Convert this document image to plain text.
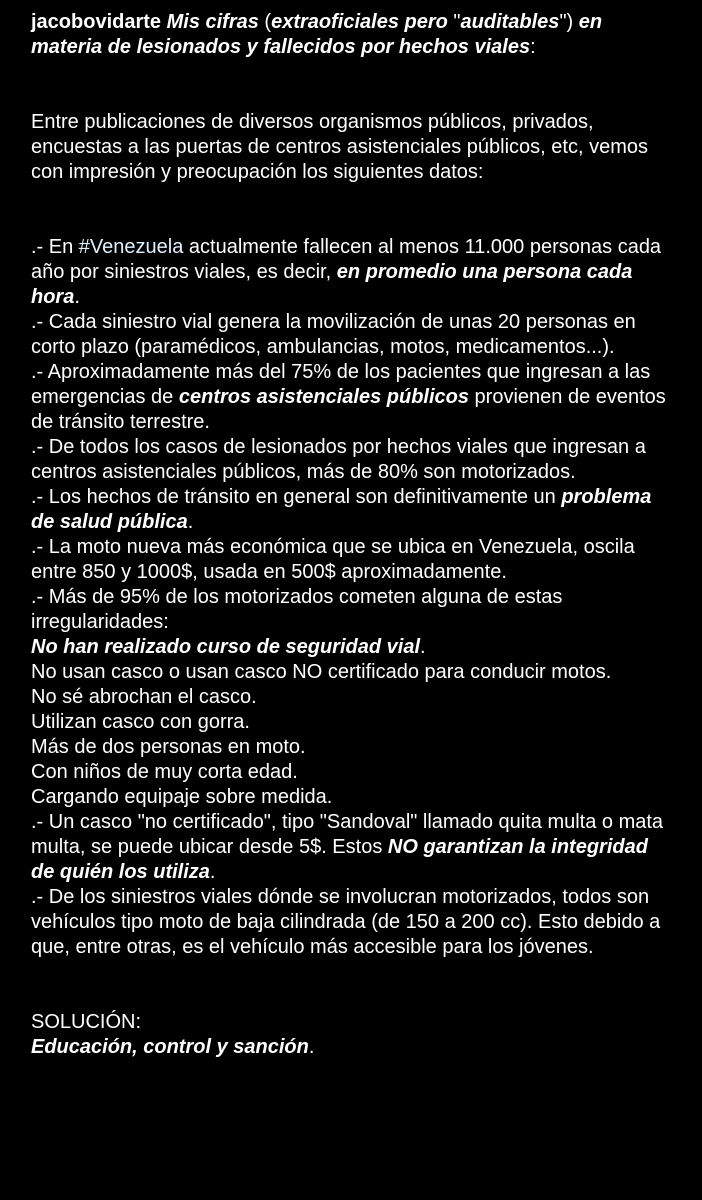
jacobovidarte Mis cifras (extraoficiales pero "auditables") en materia de lesionados y fallecidos por hechos viales:

Entre publicaciones de diversos organismos públicos, privados, encuestas a las puertas de centros asistenciales públicos, etc, vemos con impresión y preocupación los siguientes datos:

.- En #Venezuela actualmente fallecen al menos 11.000 personas cada año por siniestros viales, es decir, en promedio una persona cada hora.

.- Cada siniestro vial genera la movilización de unas 20 personas en corto plazo (paramédicos, ambulancias, motos, medicamentos...).

.- Aproximadamente más del 75% de los pacientes que ingresan a las emergencias de centros asistenciales públicos provienen de eventos de tránsito terrestre.

.- De todos los casos de lesionados por hechos viales que ingresan a centros asistenciales públicos, más de 80% son motorizados.

.- Los hechos de tránsito en general son definitivamente un problema de salud pública.

.- La moto nueva más económica que se ubica en Venezuela, oscila entre 850 y 1000$, usada en 500$ aproximadamente.

.- Más de 95% de los motorizados cometen alguna de estas irregularidades:

No han realizado curso de seguridad vial.

No usan casco o usan casco NO certificado para conducir motos.

No sé abrochan el casco.

Utilizan casco con gorra.

Más de dos personas en moto.

Con niños de muy corta edad.

Cargando equipaje sobre medida.

.- Un casco "no certificado", tipo "Sandoval" llamado quita multa o mata multa, se puede ubicar desde 5$. Estos NO garantizan la integridad de quién los utiliza.

.- De los siniestros viales dónde se involucran motorizados, todos son vehículos tipo moto de baja cilindrada (de 150 a 200 cc). Esto debido a que, entre otras, es el vehículo más accesible para los jóvenes.

SOLUCIÓN:

Educación, control y sanción.
